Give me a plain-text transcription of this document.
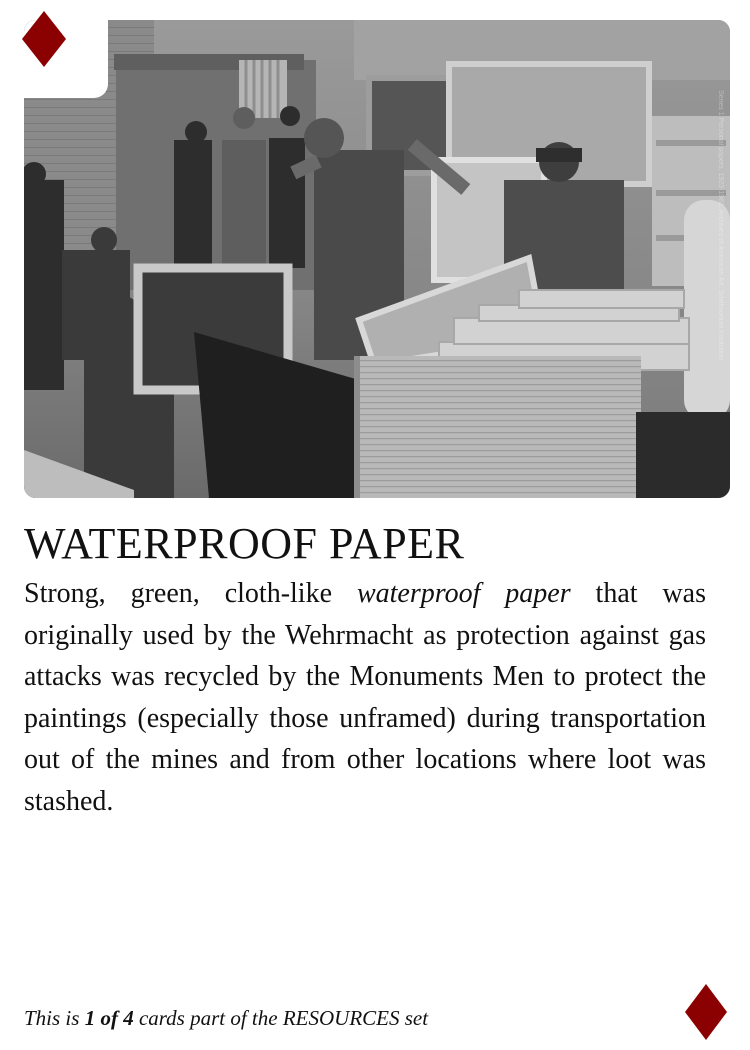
Series 1 Personal papers, 1923-1982. Archives of American Art, Smithsonian Institution.
WATERPROOF PAPER

Strong, green, cloth-like waterproof paper that was originally used by the Wehrmacht as protection against gas attacks was recycled by the Monuments Men to protect the paintings (especially those unframed) during transportation out of the mines and from other locations where loot was stashed.

This is 1 of 4 cards part of the RESOURCES set
